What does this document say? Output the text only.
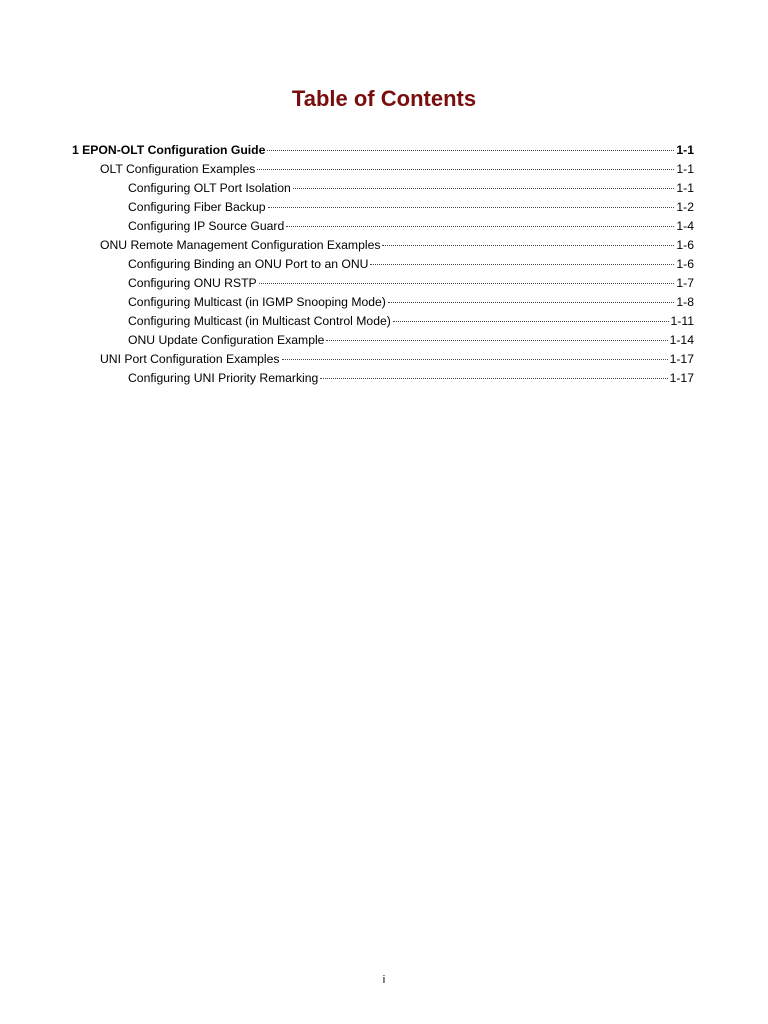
Table of Contents
1 EPON-OLT Configuration Guide	1-1
OLT Configuration Examples	1-1
Configuring OLT Port Isolation	1-1
Configuring Fiber Backup	1-2
Configuring IP Source Guard	1-4
ONU Remote Management Configuration Examples	1-6
Configuring Binding an ONU Port to an ONU	1-6
Configuring ONU RSTP	1-7
Configuring Multicast (in IGMP Snooping Mode)	1-8
Configuring Multicast (in Multicast Control Mode)	1-11
ONU Update Configuration Example	1-14
UNI Port Configuration Examples	1-17
Configuring UNI Priority Remarking	1-17
i
